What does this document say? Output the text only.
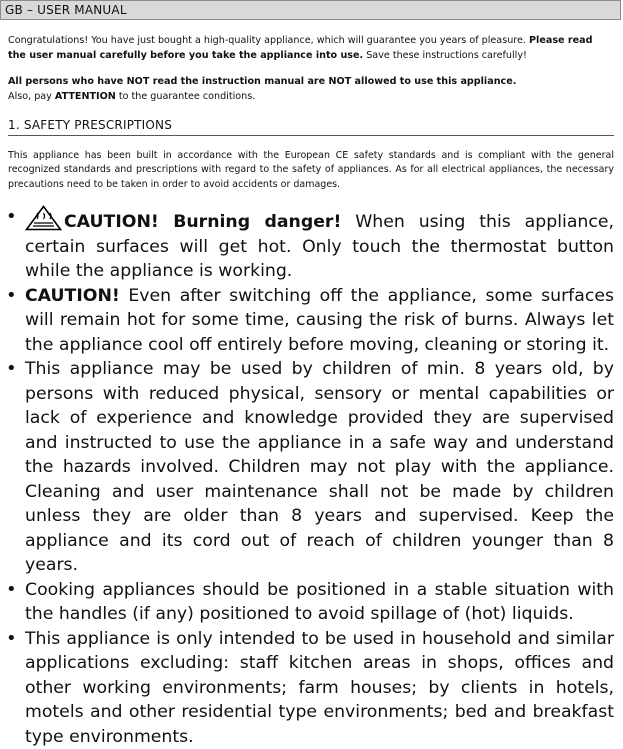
GB – USER MANUAL

Congratulations! You have just bought a high-quality appliance, which will guarantee you years of pleasure. Please read the user manual carefully before you take the appliance into use. Save these instructions carefully!

All persons who have NOT read the instruction manual are NOT allowed to use this appliance.

Also, pay ATTENTION to the guarantee conditions.

1. SAFETY PRESCRIPTIONS
This appliance has been built in accordance with the European CE safety standards and is compliant with the general recognized standards and prescriptions with regard to the safety of appliances. As for all electrical appliances, the necessary precautions need to be taken in order to avoid accidents or damages.
• CAUTION! Burning danger! When using this appliance, certain surfaces will get hot. Only touch the thermostat button while the appliance is working.
• CAUTION! Even after switching off the appliance, some surfaces will remain hot for some time, causing the risk of burns. Always let the appliance cool off entirely before moving, cleaning or storing it.
• This appliance may be used by children of min. 8 years old, by persons with reduced physical, sensory or mental capabilities or lack of experience and knowledge provided they are supervised and instructed to use the appliance in a safe way and understand the hazards involved. Children may not play with the appliance. Cleaning and user maintenance shall not be made by children unless they are older than 8 years and supervised. Keep the appliance and its cord out of reach of children younger than 8 years.
• Cooking appliances should be positioned in a stable situation with the handles (if any) positioned to avoid spillage of (hot) liquids.
• This appliance is only intended to be used in household and similar applications excluding: staff kitchen areas in shops, offices and other working environments; farm houses; by clients in hotels, motels and other residential type environments; bed and breakfast type environments.
